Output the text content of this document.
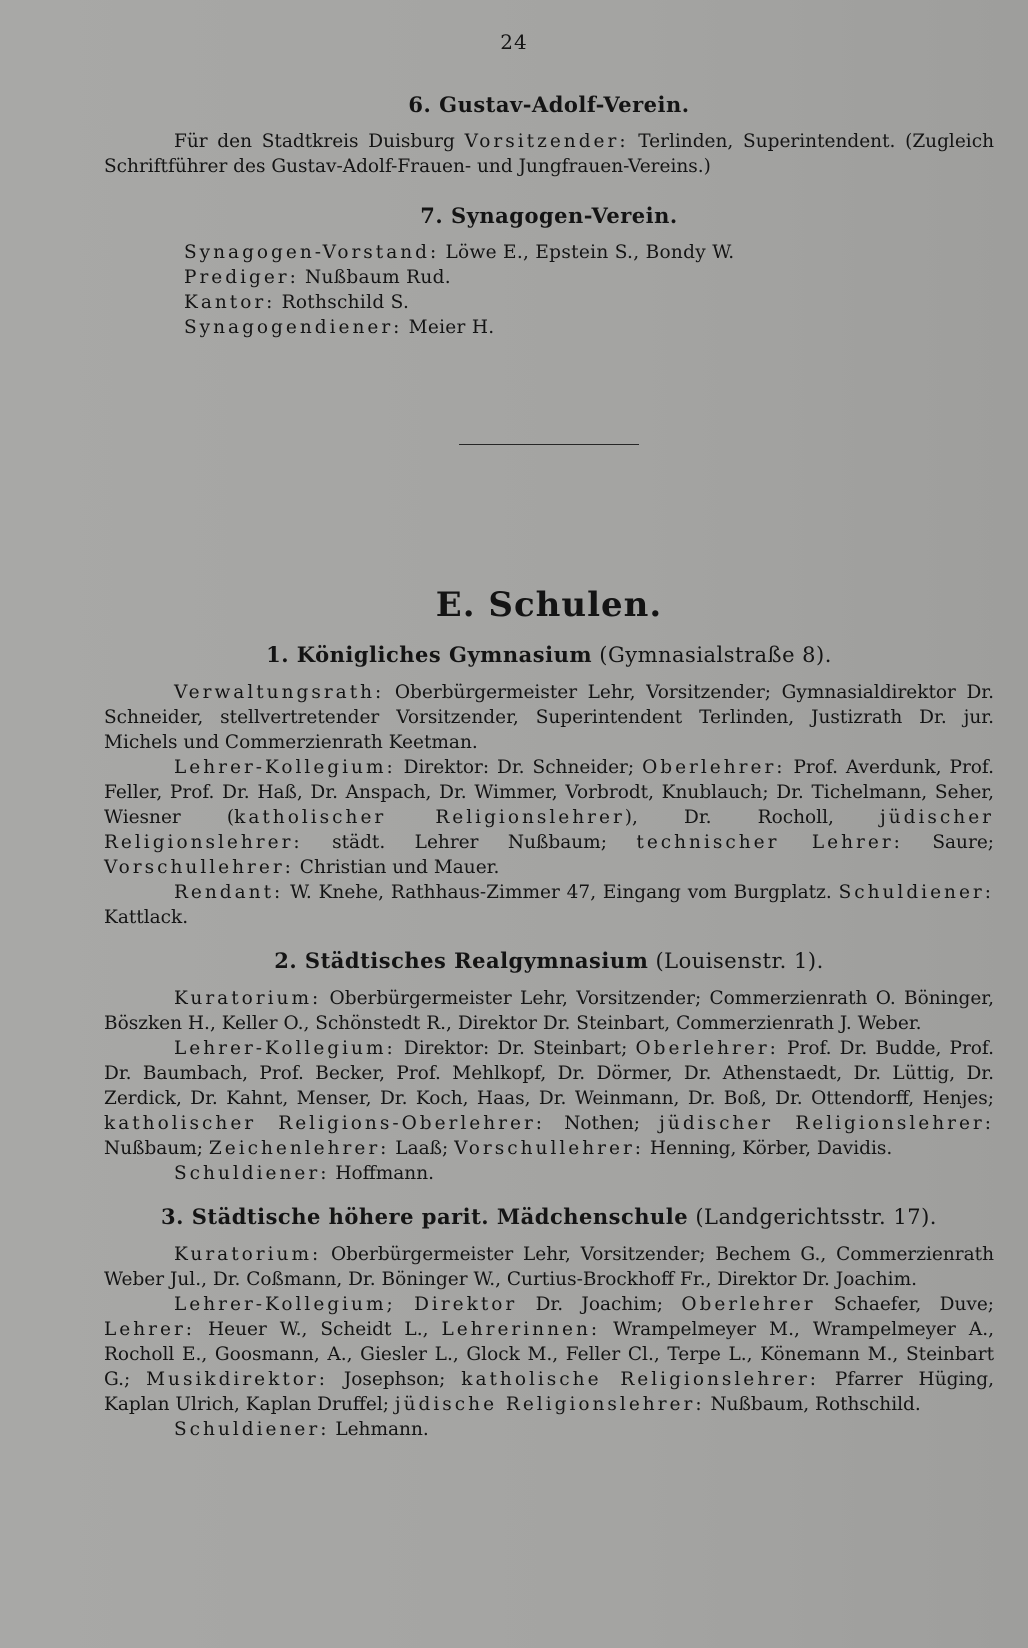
24
6. Gustav-Adolf-Verein.

Für den Stadtkreis Duisburg Vorsitzender: Terlinden, Superintendent. (Zugleich Schriftführer des Gustav-Adolf-Frauen- und Jungfrauen-Vereins.)

7. Synagogen-Verein.

Synagogen-Vorstand: Löwe E., Epstein S., Bondy W.

Prediger: Nußbaum Rud.

Kantor: Rothschild S.

Synagogendiener: Meier H.

E. Schulen.
1. Königliches Gymnasium (Gymnasialstraße 8).

Verwaltungsrath: Oberbürgermeister Lehr, Vorsitzender; Gymnasialdirektor Dr. Schneider, stellvertretender Vorsitzender, Superintendent Terlinden, Justizrath Dr. jur. Michels und Commerzienrath Keetman.

Lehrer-Kollegium: Direktor: Dr. Schneider; Oberlehrer: Prof. Averdunk, Prof. Feller, Prof. Dr. Haß, Dr. Anspach, Dr. Wimmer, Vorbrodt, Knublauch; Dr. Tichelmann, Seher, Wiesner (katholischer Religionslehrer), Dr. Rocholl, jüdischer Religionslehrer: städt. Lehrer Nußbaum; technischer Lehrer: Saure; Vorschullehrer: Christian und Mauer.

Rendant: W. Knehe, Rathhaus-Zimmer 47, Eingang vom Burgplatz. Schuldiener: Kattlack.

2. Städtisches Realgymnasium (Louisenstr. 1).

Kuratorium: Oberbürgermeister Lehr, Vorsitzender; Commerzienrath O. Böninger, Böszken H., Keller O., Schönstedt R., Direktor Dr. Steinbart, Commerzienrath J. Weber.

Lehrer-Kollegium: Direktor: Dr. Steinbart; Oberlehrer: Prof. Dr. Budde, Prof. Dr. Baumbach, Prof. Becker, Prof. Mehlkopf, Dr. Dörmer, Dr. Athenstaedt, Dr. Lüttig, Dr. Zerdick, Dr. Kahnt, Menser, Dr. Koch, Haas, Dr. Weinmann, Dr. Boß, Dr. Ottendorff, Henjes; katholischer Religions-Oberlehrer: Nothen; jüdischer Religionslehrer: Nußbaum; Zeichenlehrer: Laaß; Vorschullehrer: Henning, Körber, Davidis.

Schuldiener: Hoffmann.

3. Städtische höhere parit. Mädchenschule (Landgerichtsstr. 17).

Kuratorium: Oberbürgermeister Lehr, Vorsitzender; Bechem G., Commerzienrath Weber Jul., Dr. Coßmann, Dr. Böninger W., Curtius-Brockhoff Fr., Direktor Dr. Joachim.

Lehrer-Kollegium; Direktor Dr. Joachim; Oberlehrer Schaefer, Duve; Lehrer: Heuer W., Scheidt L., Lehrerinnen: Wrampelmeyer M., Wrampelmeyer A., Rocholl E., Goosmann, A., Giesler L., Glock M., Feller Cl., Terpe L., Könemann M., Steinbart G.; Musikdirektor: Josephson; katholische Religionslehrer: Pfarrer Hüging, Kaplan Ulrich, Kaplan Druffel; jüdische Religionslehrer: Nußbaum, Rothschild.

Schuldiener: Lehmann.
